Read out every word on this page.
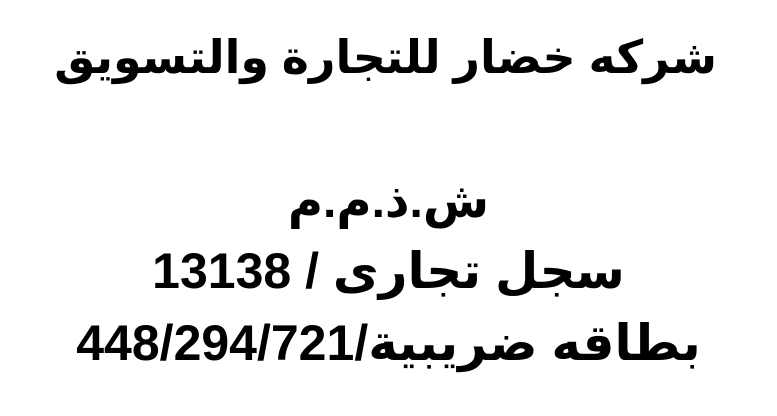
شركه خضار للتجارة والتسويق
ش.ذ.م.م
سجل تجارى / 13138
بطاقه ضريبية/448/294/721
